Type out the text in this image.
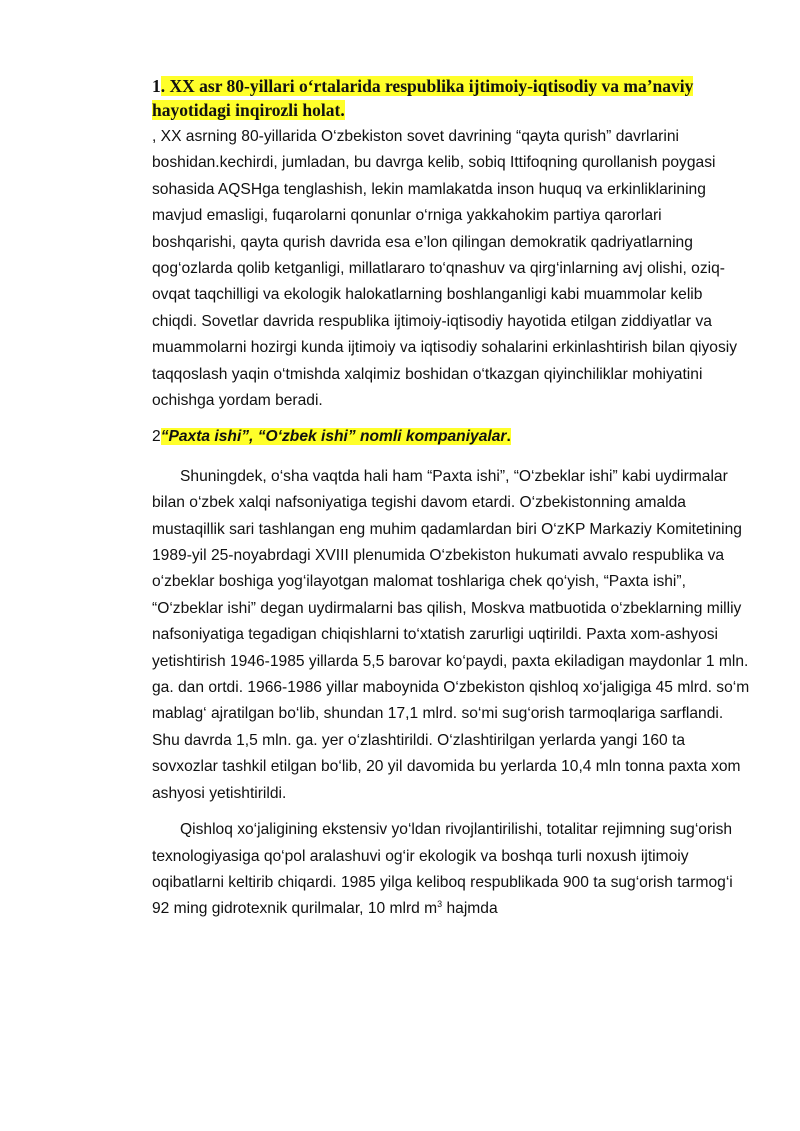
1. XX asr 80-yillari o‘rtalarida respublika ijtimoiy-iqtisodiy va ma’naviy hayotidagi inqirozli holat.

, XX asrning 80-yillarida O‘zbekiston sovet davrining “qayta qurish” davrlarini boshidan.kechirdi, jumladan, bu davrga kelib, sobiq Ittifoqning qurollanish poygasi sohasida AQSHga tenglashish, lekin mamlakatda inson huquq va erkinliklarining mavjud emasligi, fuqarolarni qonunlar o‘rniga yakkahokim partiya qarorlari boshqarishi, qayta qurish davrida esa e’lon qilingan demokratik qadriyatlarning qog‘ozlarda qolib ketganligi, millatlararo to‘qnashuv va qirg‘inlarning avj olishi, oziq-ovqat taqchilligi va ekologik halokatlarning boshlanganligi kabi muammolar kelib chiqdi. Sovetlar davrida respublika ijtimoiy-iqtisodiy hayotida etilgan ziddiyatlar va muammolarni hozirgi kunda ijtimoiy va iqtisodiy sohalarini erkinlashtirish bilan qiyosiy taqqoslash yaqin o‘tmishda xalqimiz boshidan o‘tkazgan qiyinchiliklar mohiyatini ochishga yordam beradi.

2“Paxta ishi”, “O‘zbek ishi” nomli kompaniyalar.

Shuningdek, o‘sha vaqtda hali ham “Paxta ishi”, “O‘zbeklar ishi” kabi uydirmalar bilan o‘zbek xalqi nafsoniyatiga tegishi davom etardi. O‘zbekistonning amalda mustaqillik sari tashlangan eng muhim qadamlardan biri O‘zKP Markaziy Komitetining 1989-yil 25-noyabrdagi XVIII plenumida O‘zbekiston hukumati avvalo respublika va o‘zbeklar boshiga yog‘ilayotgan malomat toshlariga chek qo‘yish, “Paxta ishi”, “O‘zbeklar ishi” degan uydirmalarni bas qilish, Moskva matbuotida o‘zbeklarning milliy nafsoniyatiga tegadigan chiqishlarni to‘xtatish zarurligi uqtirildi. Paxta xom-ashyosi yetishtirish 1946-1985 yillarda 5,5 barovar ko‘paydi, paxta ekiladigan maydonlar 1 mln. ga. dan ortdi. 1966-1986 yillar maboynida O‘zbekiston qishloq xo‘jaligiga 45 mlrd. so‘m mablag‘ ajratilgan bo‘lib, shundan 17,1 mlrd. so‘mi sug‘orish tarmoqlariga sarflandi. Shu davrda 1,5 mln. ga. yer o‘zlashtirildi. O‘zlashtirilgan yerlarda yangi 160 ta sovxozlar tashkil etilgan bo‘lib, 20 yil davomida bu yerlarda 10,4 mln tonna paxta xom ashyosi yetishtirildi.

Qishloq xo‘jaligining ekstensiv yo‘ldan rivojlantirilishi, totalitar rejimning sug‘orish texnologiyasiga qo‘pol aralashuvi og‘ir ekologik va boshqa turli noxush ijtimoiy oqibatlarni keltirib chiqardi. 1985 yilga keliboq respublikada 900 ta sug‘orish tarmog‘i 92 ming gidrotexnik qurilmalar, 10 mlrd $m^3$ hajmda
